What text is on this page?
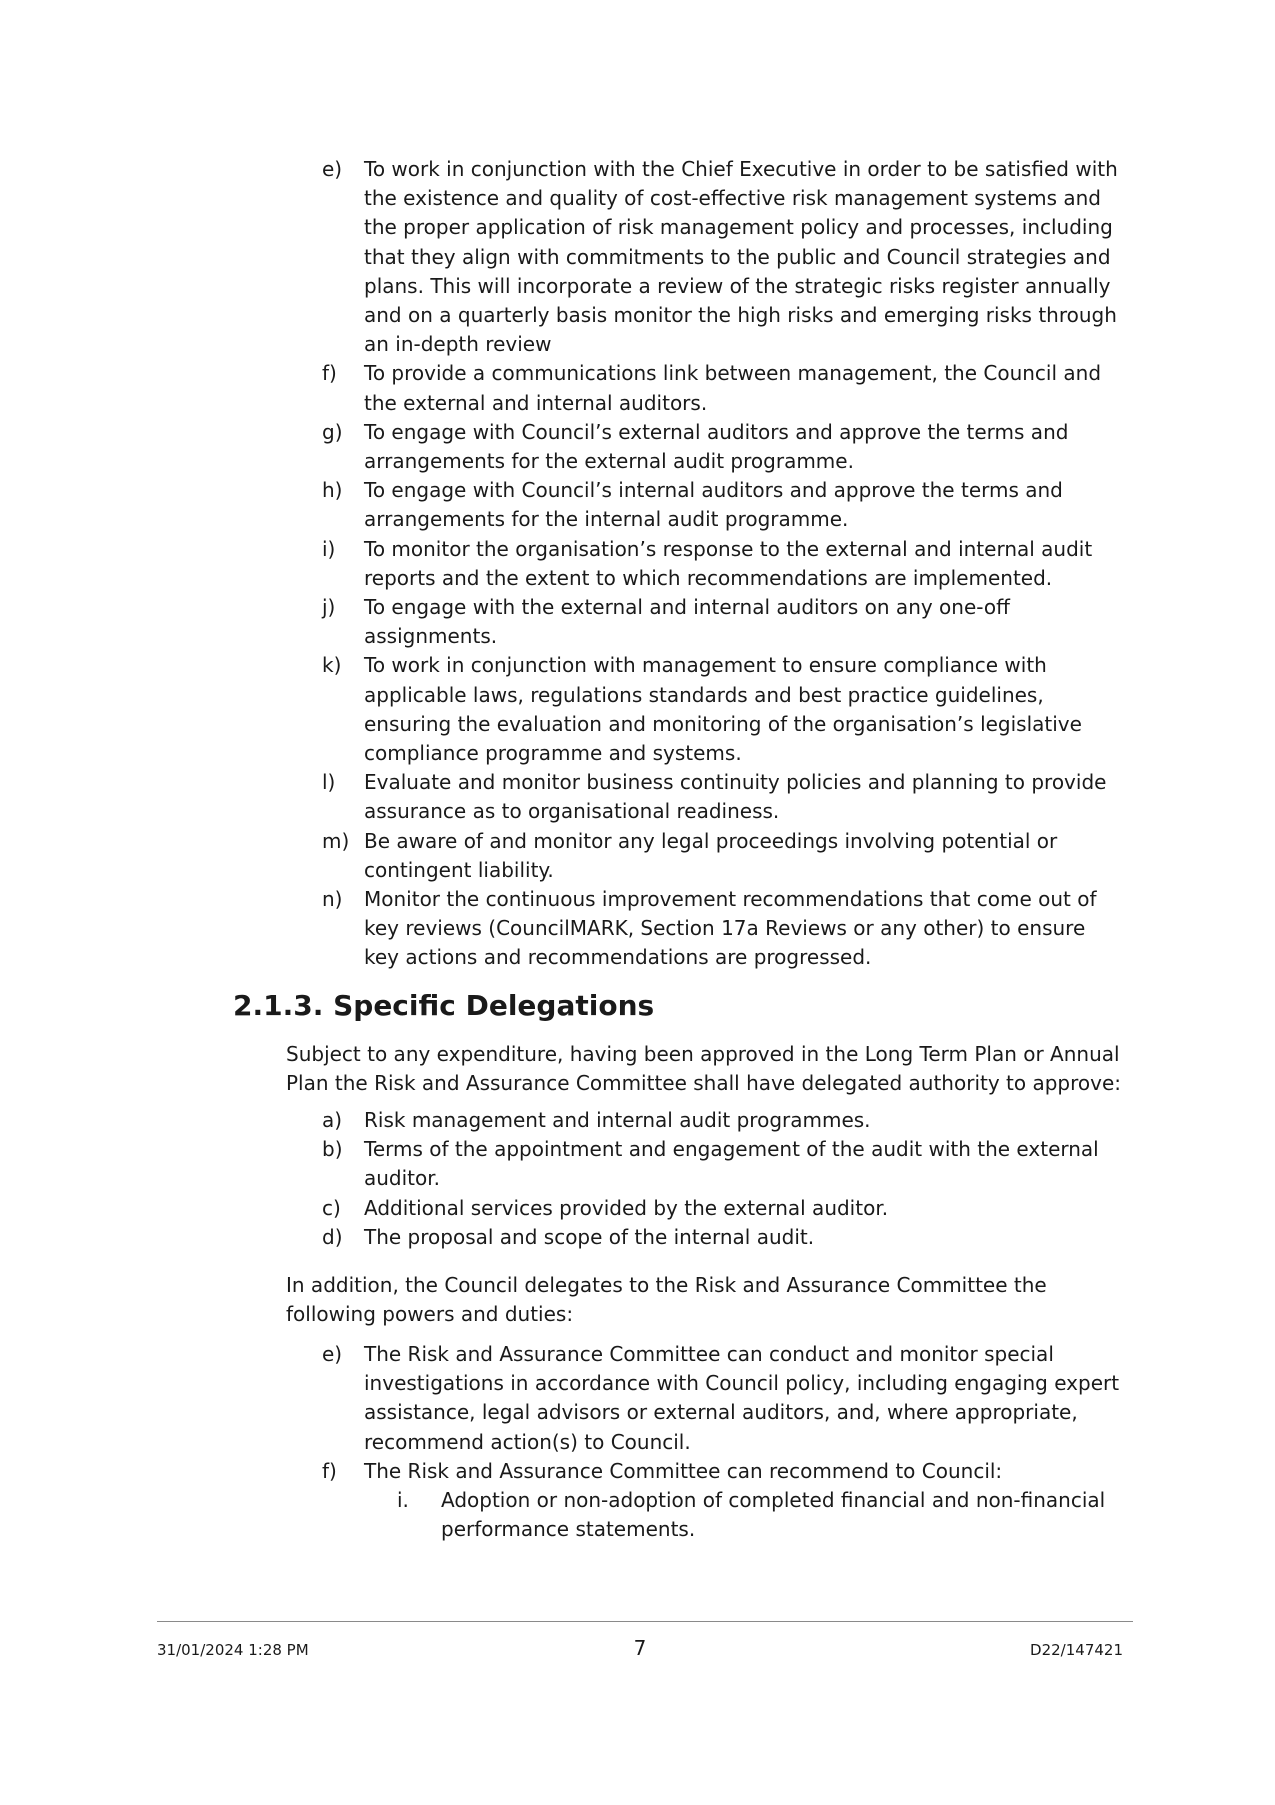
e) To work in conjunction with the Chief Executive in order to be satisfied with the existence and quality of cost-effective risk management systems and the proper application of risk management policy and processes, including that they align with commitments to the public and Council strategies and plans. This will incorporate a review of the strategic risks register annually and on a quarterly basis monitor the high risks and emerging risks through an in-depth review
f) To provide a communications link between management, the Council and the external and internal auditors.
g) To engage with Council’s external auditors and approve the terms and arrangements for the external audit programme.
h) To engage with Council’s internal auditors and approve the terms and arrangements for the internal audit programme.
i) To monitor the organisation’s response to the external and internal audit reports and the extent to which recommendations are implemented.
j) To engage with the external and internal auditors on any one-off assignments.
k) To work in conjunction with management to ensure compliance with applicable laws, regulations standards and best practice guidelines, ensuring the evaluation and monitoring of the organisation’s legislative compliance programme and systems.
l) Evaluate and monitor business continuity policies and planning to provide assurance as to organisational readiness.
m) Be aware of and monitor any legal proceedings involving potential or contingent liability.
n) Monitor the continuous improvement recommendations that come out of key reviews (CouncilMARK, Section 17a Reviews or any other) to ensure key actions and recommendations are progressed.
2.1.3. Specific Delegations

Subject to any expenditure, having been approved in the Long Term Plan or Annual Plan the Risk and Assurance Committee shall have delegated authority to approve:

a) Risk management and internal audit programmes.
b) Terms of the appointment and engagement of the audit with the external auditor.
c) Additional services provided by the external auditor.
d) The proposal and scope of the internal audit.

In addition, the Council delegates to the Risk and Assurance Committee the following powers and duties:

e) The Risk and Assurance Committee can conduct and monitor special investigations in accordance with Council policy, including engaging expert assistance, legal advisors or external auditors, and, where appropriate, recommend action(s) to Council.
f) The Risk and Assurance Committee can recommend to Council:
i. Adoption or non-adoption of completed financial and non-financial performance statements.
31/01/2024 1:28 PM	7	D22/147421
